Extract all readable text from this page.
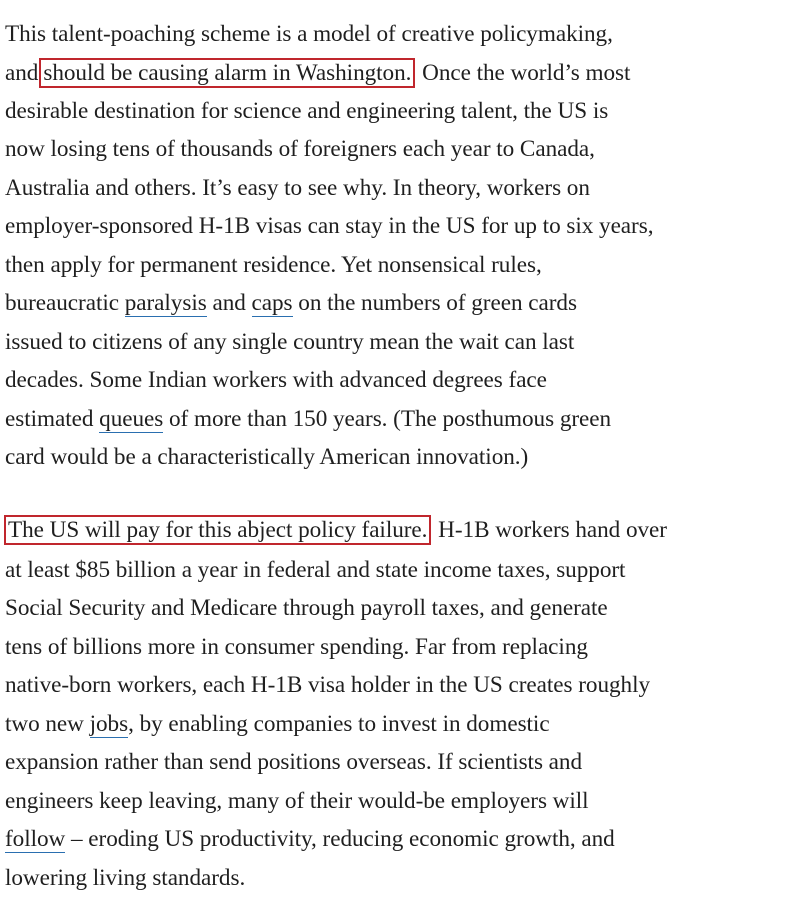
This talent-poaching scheme is a model of creative policymaking,
and should be causing alarm in Washington. Once the world’s most
desirable destination for science and engineering talent, the US is
now losing tens of thousands of foreigners each year to Canada,
Australia and others. It’s easy to see why. In theory, workers on
employer-sponsored H-1B visas can stay in the US for up to six years,
then apply for permanent residence. Yet nonsensical rules,
bureaucratic paralysis and caps on the numbers of green cards
issued to citizens of any single country mean the wait can last
decades. Some Indian workers with advanced degrees face
estimated queues of more than 150 years. (The posthumous green
card would be a characteristically American innovation.)
The US will pay for this abject policy failure. H-1B workers hand over
at least $85 billion a year in federal and state income taxes, support
Social Security and Medicare through payroll taxes, and generate
tens of billions more in consumer spending. Far from replacing
native-born workers, each H-1B visa holder in the US creates roughly
two new jobs, by enabling companies to invest in domestic
expansion rather than send positions overseas. If scientists and
engineers keep leaving, many of their would-be employers will
follow – eroding US productivity, reducing economic growth, and
lowering living standards.
